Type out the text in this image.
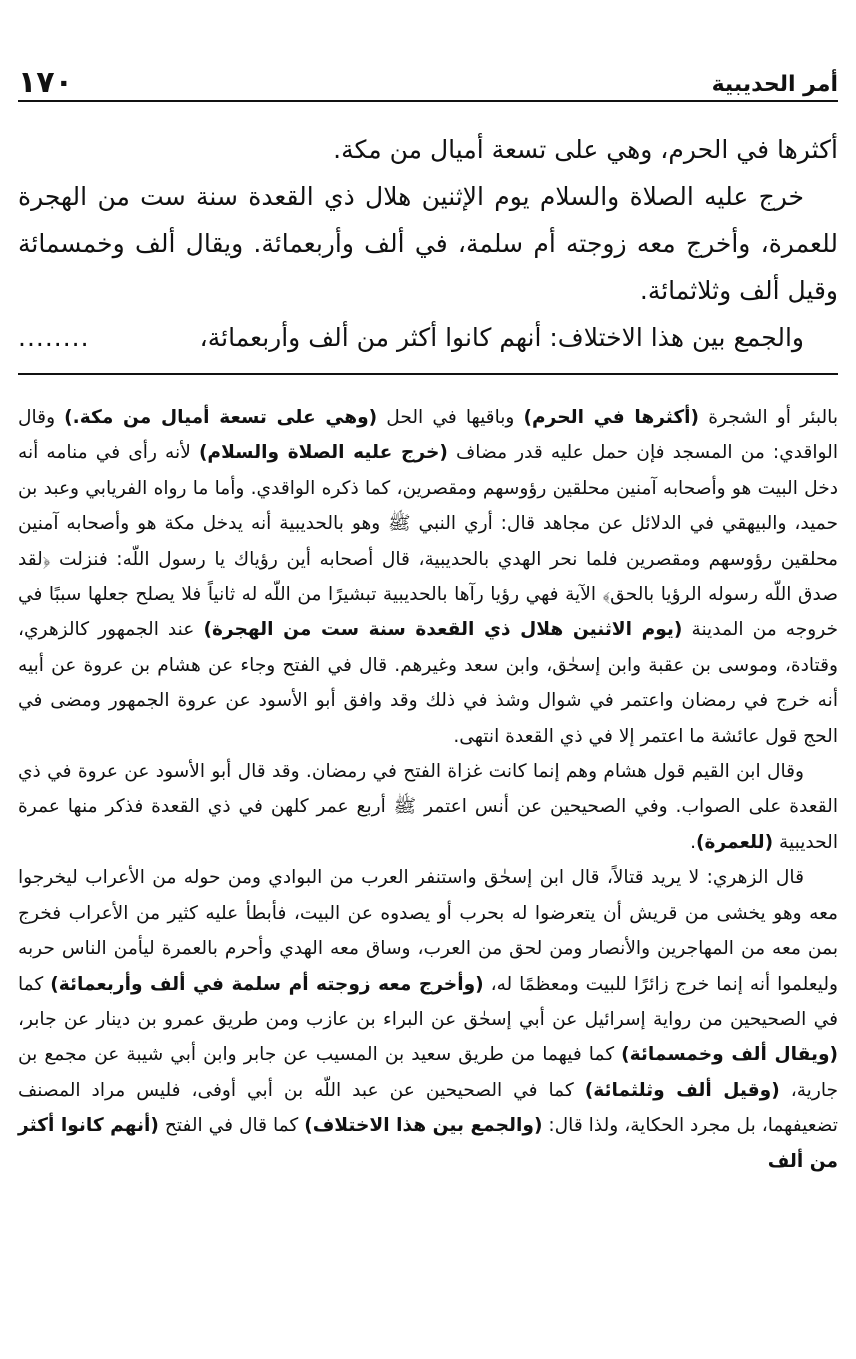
أمر الحديبية
١٧٠

أكثرها في الحرم، وهي على تسعة أميال من مكة.

خرج عليه الصلاة والسلام يوم الإثنين هلال ذي القعدة سنة ست من الهجرة للعمرة، وأخرج معه زوجته أم سلمة، في ألف وأربعمائة. ويقال ألف وخمسمائة وقيل ألف وثلاثمائة.

والجمع بين هذا الاختلاف: أنهم كانوا أكثر من ألف وأربعمائة،
........

بالبئر أو الشجرة (أكثرها في الحرم) وباقيها في الحل (وهي على تسعة أميال من مكة.) وقال الواقدي: من المسجد فإن حمل عليه قدر مضاف (خرج عليه الصلاة والسلام) لأنه رأى في منامه أنه دخل البيت هو وأصحابه آمنين محلقين رؤوسهم ومقصرين، كما ذكره الواقدي. وأما ما رواه الفريابي وعبد بن حميد، والبيهقي في الدلائل عن مجاهد قال: أري النبي ﷺ وهو بالحديبية أنه يدخل مكة هو وأصحابه آمنين محلقين رؤوسهم ومقصرين فلما نحر الهدي بالحديبية، قال أصحابه أين رؤياك يا رسول اللّه: فنزلت ﴿لقد صدق اللّه رسوله الرؤيا بالحق﴾ الآية فهي رؤيا رآها بالحديبية تبشيرًا من اللّه له ثانياً فلا يصلح جعلها سببًا في خروجه من المدينة (يوم الاثنين هلال ذي القعدة سنة ست من الهجرة) عند الجمهور كالزهري، وقتادة، وموسى بن عقبة وابن إسحٰق، وابن سعد وغيرهم. قال في الفتح وجاء عن هشام بن عروة عن أبيه أنه خرج في رمضان واعتمر في شوال وشذ في ذلك وقد وافق أبو الأسود عن عروة الجمهور ومضى في الحج قول عائشة ما اعتمر إلا في ذي القعدة انتهى.

وقال ابن القيم قول هشام وهم إنما كانت غزاة الفتح في رمضان. وقد قال أبو الأسود عن عروة في ذي القعدة على الصواب. وفي الصحيحين عن أنس اعتمر ﷺ أربع عمر كلهن في ذي القعدة فذكر منها عمرة الحديبية (للعمرة).

قال الزهري: لا يريد قتالاً، قال ابن إسحٰق واستنفر العرب من البوادي ومن حوله من الأعراب ليخرجوا معه وهو يخشى من قريش أن يتعرضوا له بحرب أو يصدوه عن البيت، فأبطأ عليه كثير من الأعراب فخرج بمن معه من المهاجرين والأنصار ومن لحق من العرب، وساق معه الهدي وأحرم بالعمرة ليأمن الناس حربه وليعلموا أنه إنما خرج زائرًا للبيت ومعظمًا له، (وأخرج معه زوجته أم سلمة في ألف وأربعمائة) كما في الصحيحين من رواية إسرائيل عن أبي إسحٰق عن البراء بن عازب ومن طريق عمرو بن دينار عن جابر، (ويقال ألف وخمسمائة) كما فيهما من طريق سعيد بن المسيب عن جابر وابن أبي شيبة عن مجمع بن جارية، (وقيل ألف وثلثمائة) كما في الصحيحين عن عبد اللّه بن أبي أوفى، فليس مراد المصنف تضعيفهما، بل مجرد الحكاية، ولذا قال: (والجمع بين هذا الاختلاف) كما قال في الفتح (أنهم كانوا أكثر من ألف
